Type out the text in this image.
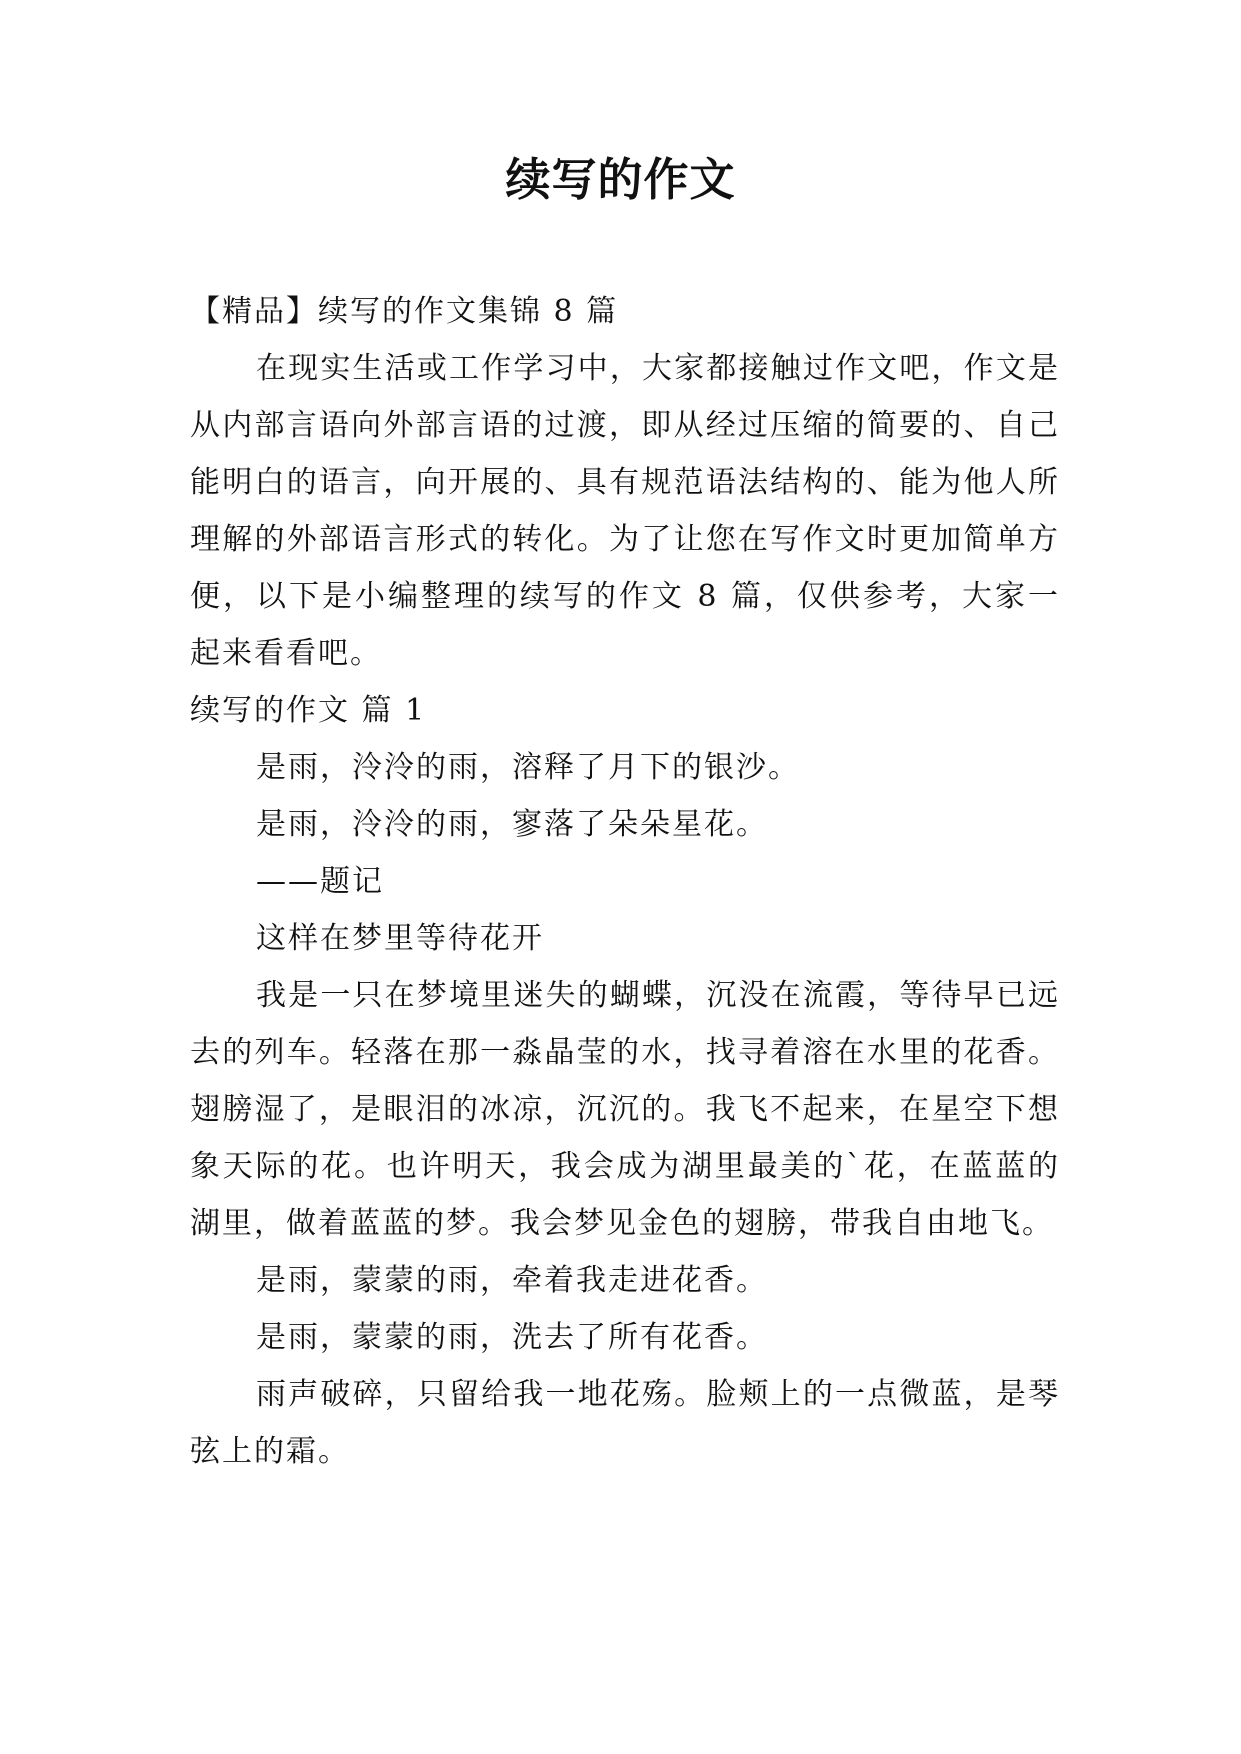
续写的作文

【精品】续写的作文集锦 8 篇

在现实生活或工作学习中，大家都接触过作文吧，作文是从内部言语向外部言语的过渡，即从经过压缩的简要的、自己能明白的语言，向开展的、具有规范语法结构的、能为他人所理解的外部语言形式的转化。为了让您在写作文时更加简单方便，以下是小编整理的续写的作文 8 篇，仅供参考，大家一起来看看吧。

续写的作文 篇 1

是雨，泠泠的雨，溶释了月下的银沙。

是雨，泠泠的雨，寥落了朵朵星花。

——题记

这样在梦里等待花开

我是一只在梦境里迷失的蝴蝶，沉没在流霞，等待早已远去的列车。轻落在那一淼晶莹的水，找寻着溶在水里的花香。翅膀湿了，是眼泪的冰凉，沉沉的。我飞不起来，在星空下想象天际的花。也许明天，我会成为湖里最美的`花，在蓝蓝的湖里，做着蓝蓝的梦。我会梦见金色的翅膀，带我自由地飞。

是雨，蒙蒙的雨，牵着我走进花香。

是雨，蒙蒙的雨，洗去了所有花香。

雨声破碎，只留给我一地花殇。脸颊上的一点微蓝，是琴弦上的霜。
